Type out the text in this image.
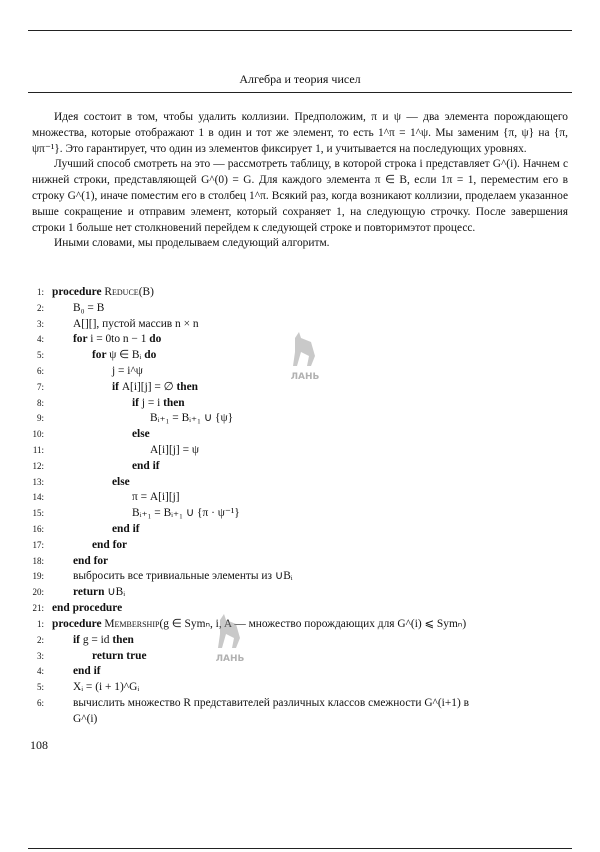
Алгебра и теория чисел

Идея состоит в том, чтобы удалить коллизии. Предположим, π и ψ — два элемента порождающего множества, которые отображают 1 в один и тот же элемент, то есть 1^π = 1^ψ. Мы заменим {π, ψ} на {π, ψπ⁻¹}. Это гарантирует, что один из элементов фиксирует 1, и учитывается на последующих уровнях.

Лучший способ смотреть на это — рассмотреть таблицу, в которой строка i представляет G^(i). Начнем с нижней строки, представляющей G^(0) = G. Для каждого элемента π ∈ B, если 1π = 1, переместим его в строку G^(1), иначе поместим его в столбец 1^π. Всякий раз, когда возникают коллизии, проделаем указанное выше сокращение и отправим элемент, который сохраняет 1, на следующую строчку. После завершения строки 1 больше нет столкновений перейдем к следующей строке и повторимэтот процесс.

Иными словами, мы проделываем следующий алгоритм.

1: procedure Reduce(B)
2:	B₀ = B
3:	A[][], пустой массив n × n
4:	for i = 0to n − 1 do
5:	for ψ ∈ Bᵢ do
6:	j = i^ψ
7:	if A[i][j] = ∅ then
8:	if j = i then
9:	Bᵢ₊₁ = Bᵢ₊₁ ∪ {ψ}
10:	else
11:	A[i][j] = ψ
12:	end if
13:	else
14:	π = A[i][j]
15:	Bᵢ₊₁ = Bᵢ₊₁ ∪ {π · ψ⁻¹}
16:	end if
17:	end for
18:	end for
19:	выбросить все тривиальные элементы из ∪Bᵢ
20:	return ∪Bᵢ
21: end procedure
1: procedure Membership(g ∈ Symₙ, i, A — множество порождающих для G^(i) ⩽ Symₙ)
2:	if g = id then
3:	return true
4:	end if
5:	Xᵢ = (i + 1)^Gᵢ
6:	вычислить множество R представителей различных классов смежности G^(i+1) в
G^(i)
ЛАНЬ
ЛАНЬ
108
